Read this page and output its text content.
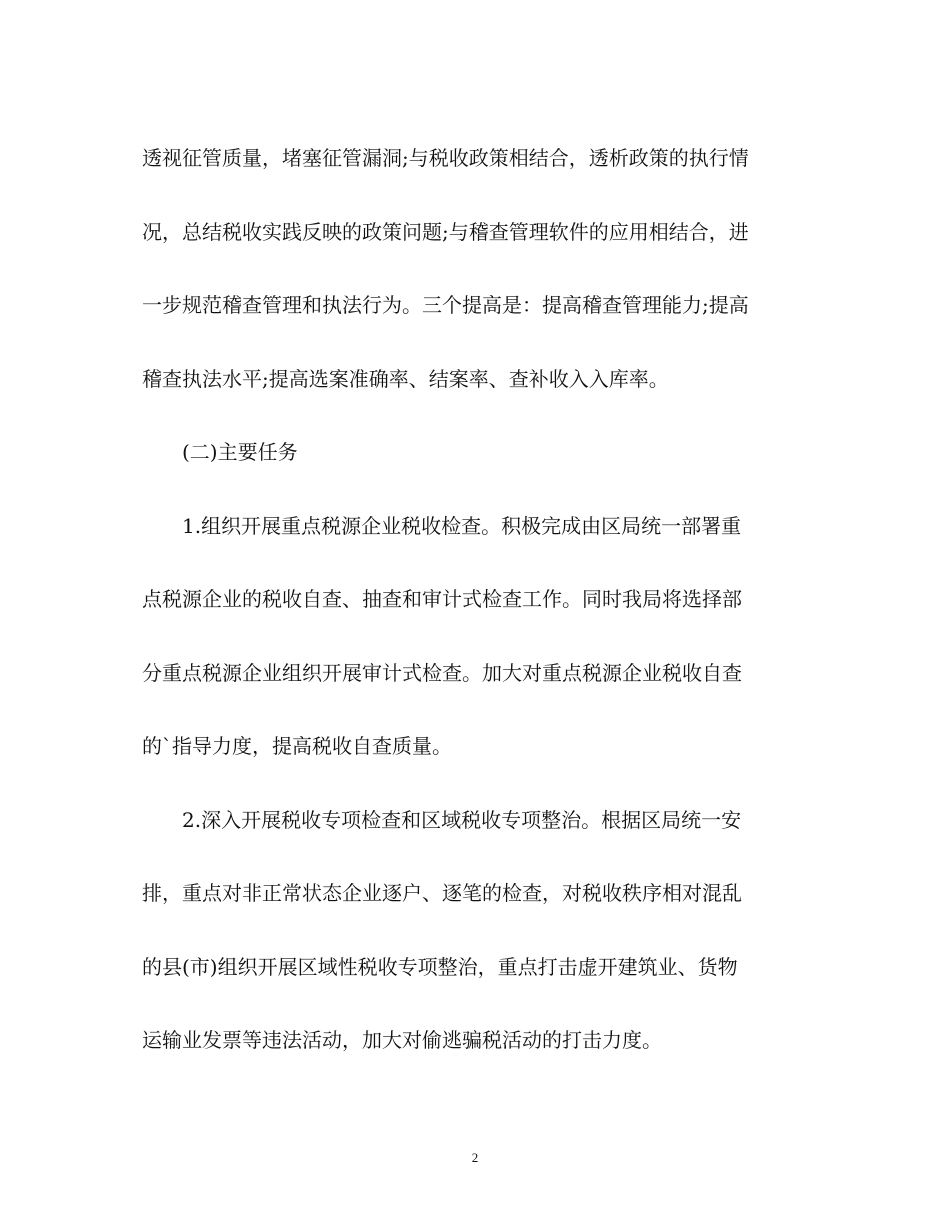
透视征管质量，堵塞征管漏洞;与税收政策相结合，透析政策的执行情
况，总结税收实践反映的政策问题;与稽查管理软件的应用相结合，进
一步规范稽查管理和执法行为。三个提高是：提高稽查管理能力;提高
稽查执法水平;提高选案准确率、结案率、查补收入入库率。
　　(二)主要任务
　　1.组织开展重点税源企业税收检查。积极完成由区局统一部署重
点税源企业的税收自查、抽查和审计式检查工作。同时我局将选择部
分重点税源企业组织开展审计式检查。加大对重点税源企业税收自查
的`指导力度，提高税收自查质量。
　　2.深入开展税收专项检查和区域税收专项整治。根据区局统一安
排，重点对非正常状态企业逐户、逐笔的检查，对税收秩序相对混乱
的县(市)组织开展区域性税收专项整治，重点打击虚开建筑业、货物
运输业发票等违法活动，加大对偷逃骗税活动的打击力度。
2
